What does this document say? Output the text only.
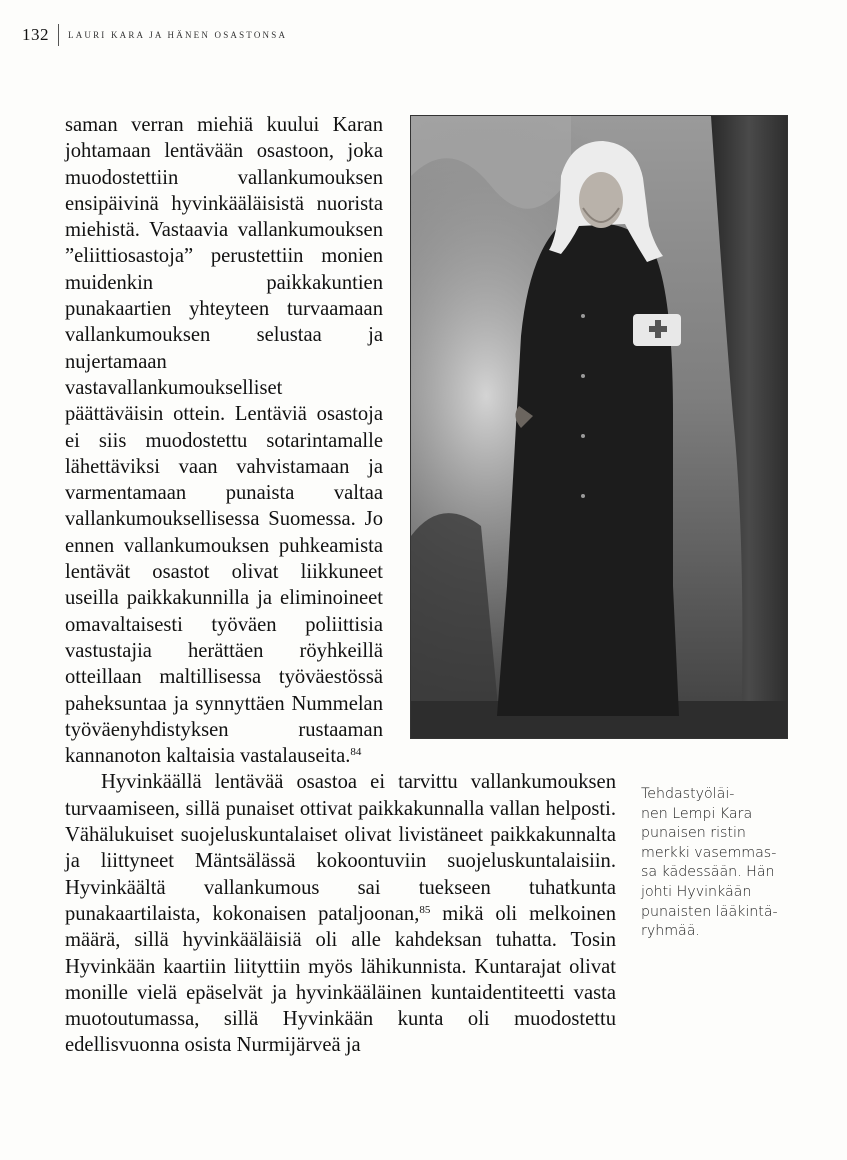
132 LAURI KARA JA HÄNEN OSASTONSA

saman verran miehiä kuului Karan johtamaan lentävään osastoon, joka muodostettiin vallankumouksen ensipäivinä hyvinkääläisistä nuorista miehistä. Vastaavia vallankumouksen ”eliittiosastoja” perustettiin monien muidenkin paikkakuntien punakaartien yhteyteen turvaamaan vallankumouksen selustaa ja nujertamaan vastavallankumoukselliset päättäväisin ottein. Lentäviä osastoja ei siis muodostettu sotarintamalle lähettäviksi vaan vahvistamaan ja varmentamaan punaista valtaa vallankumouksellisessa Suomessa. Jo ennen vallankumouksen puhkeamista lentävät osastot olivat liikkuneet useilla paikkakunnilla ja eliminoineet omavaltaisesti työväen poliittisia vastustajia herättäen röyhkeillä otteillaan maltillisessa työväestössä paheksuntaa ja synnyttäen Nummelan työväenyhdistyksen rustaaman kannanoton kaltaisia vastalauseita.$^{84}$

Hyvinkäällä lentävää osastoa ei tarvittu vallankumouksen turvaamiseen, sillä punaiset ottivat paikkakunnalla vallan helposti. Vähälukuiset suojeluskuntalaiset olivat livistäneet paikkakunnalta ja liittyneet Mäntsälässä kokoontuviin suojeluskuntalaisiin. Hyvinkäältä vallankumous sai tuekseen tuhatkunta punakaartilaista, kokonaisen pataljoonan,$^{85}$ mikä oli melkoinen määrä, sillä hyvinkääläisiä oli alle kahdeksan tuhatta. Tosin Hyvinkään kaartiin liityttiin myös lähikunnista. Kuntarajat olivat monille vielä epäselvät ja hyvinkääläinen kuntaidentiteetti vasta muotoutumassa, sillä Hyvinkään kunta oli muodostettu edellisvuonna osista Nurmijärveä ja

Tehdastyöläi-
nen Lempi Kara
punaisen ristin
merkki vasemmas-
sa kädessään. Hän
johti Hyvinkään
punaisten lääkintä-
ryhmää.
